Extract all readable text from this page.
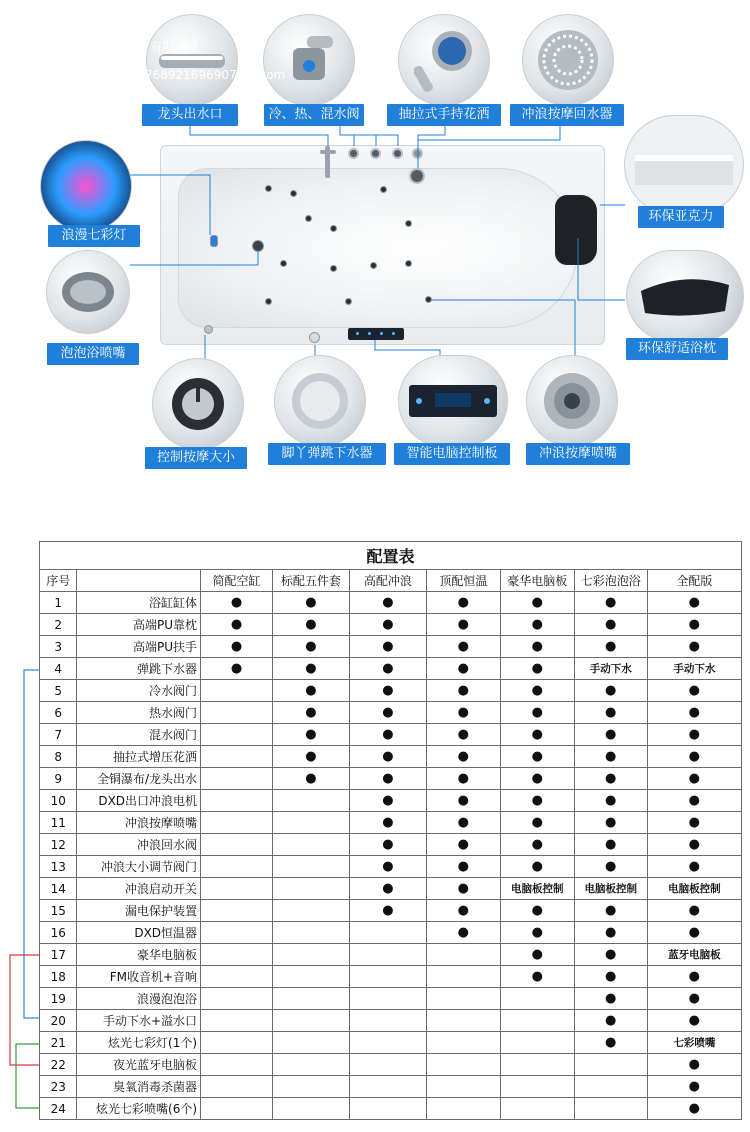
有限公司
7689216969077 3.com
龙头出水口	冷、热、混水阀	抽拉式手持花洒	冲浪按摩回水器
浪漫七彩灯
环保亚克力
泡泡浴喷嘴	环保舒适浴枕
控制按摩大小	脚丫弹跳下水器	智能电脑控制板	冲浪按摩喷嘴
配置表								
序号		简配空缸	标配五件套	高配冲浪	顶配恒温	豪华电脑板	七彩泡泡浴	全配版
1	浴缸缸体	●	●	●	●	●	●	●
2	高端PU靠枕	●	●	●	●	●	●	●
3	高端PU扶手	●	●	●	●	●	●	●
4	弹跳下水器	●	●	●	●	●	手动下水	手动下水
5	冷水阀门		●	●	●	●	●	●
6	热水阀门		●	●	●	●	●	●
7	混水阀门		●	●	●	●	●	●
8	抽拉式增压花洒		●	●	●	●	●	●
9	全铜瀑布/龙头出水		●	●	●	●	●	●
10	DXD出口冲浪电机			●	●	●	●	●
11	冲浪按摩喷嘴			●	●	●	●	●
12	冲浪回水阀			●	●	●	●	●
13	冲浪大小调节阀门			●	●	●	●	●
14	冲浪启动开关			●	●	电脑板控制	电脑板控制	电脑板控制
15	漏电保护装置			●	●	●	●	●
16	DXD恒温器				●	●	●	●
17	豪华电脑板					●	●	蓝牙电脑板
18	FM收音机+音响					●	●	●
19	浪漫泡泡浴						●	●
20	手动下水+溢水口						●	●
21	炫光七彩灯(1个)						●	七彩喷嘴
22	夜光蓝牙电脑板							●
23	臭氧消毒杀菌器							●
24	炫光七彩喷嘴(6个)							●
